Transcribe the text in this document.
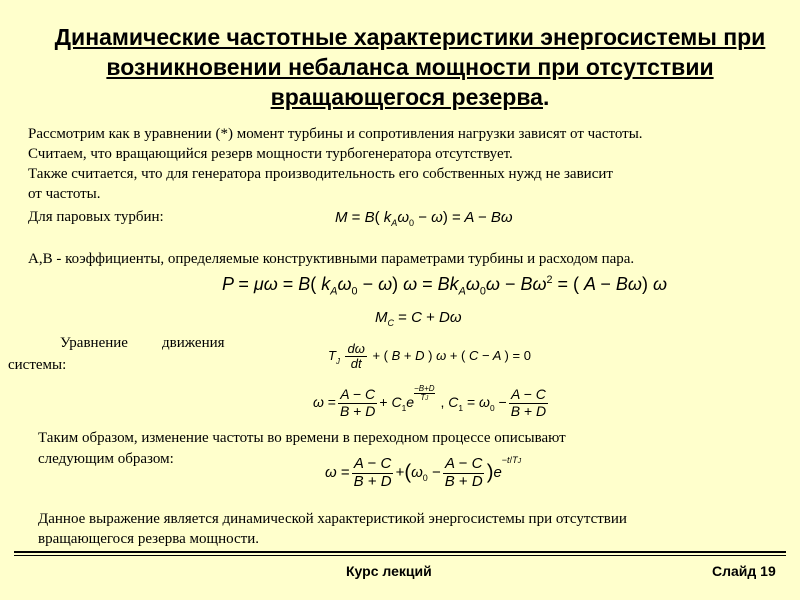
Динамические частотные характеристики энергосистемы при
возникновении небаланса мощности при отсутствии
вращающегося резерва.
Рассмотрим как в уравнении (*) момент турбины и сопротивления нагрузки зависят от частоты.
Считаем, что вращающийся резерв мощности турбогенератора отсутствует.
Также считается, что для генератора производительность его собственных нужд не зависит
от частоты.
Для паровых турбин:	M = B( $k_A\omega_0 - \omega) = A - B\omega$
А,В - коэффициенты, определяемые конструктивными параметрами турбины и расходом пара.
P = μω = B( $k_A\omega_0 - \omega$) $\omega = Bk_A\omega_0\omega - B\omega^2$ = ( A − Bω) ω
$M_C = C + D\omega$
Уравнение движения
системы:
$T_J \frac{d\omega}{dt}$ + ( B + D ) ω + ( C − A ) = 0
$\omega = \frac{A - C}{B + D} + C_1e \frac{-B+D}{TJ}$ , $C_1 = \omega_0 - \frac{A - C}{B + D}$
Таким образом, изменение частоты во времени в переходном процессе описывают
следующим образом:
$\omega = \frac{A - C}{B + D} +(\omega_0 - \frac{A - C}{B + D} )e^{-t/TJ}$
Данное выражение является динамической характеристикой энергосистемы при отсутствии
вращающегося резерва мощности.
Курс лекций	Слайд 19
